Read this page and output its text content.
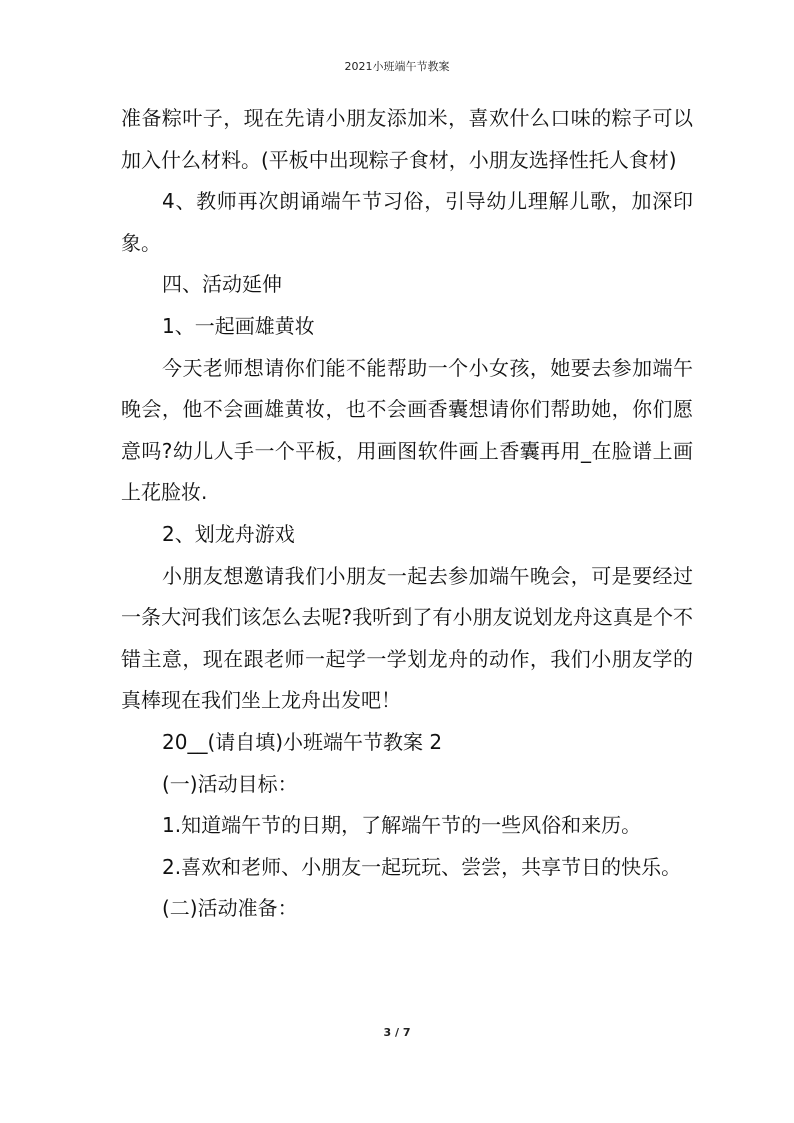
2021小班端午节教案

准备粽叶子，现在先请小朋友添加米，喜欢什么口味的粽子可以加入什么材料。(平板中出现粽子食材，小朋友选择性托人食材)

4、教师再次朗诵端午节习俗，引导幼儿理解儿歌，加深印象。

四、活动延伸

1、一起画雄黄妆

今天老师想请你们能不能帮助一个小女孩，她要去参加端午晚会，他不会画雄黄妆，也不会画香囊想请你们帮助她，你们愿意吗?幼儿人手一个平板，用画图软件画上香囊再用_在脸谱上画上花脸妆.

2、划龙舟游戏

小朋友想邀请我们小朋友一起去参加端午晚会，可是要经过一条大河我们该怎么去呢?我听到了有小朋友说划龙舟这真是个不错主意，现在跟老师一起学一学划龙舟的动作，我们小朋友学的真棒现在我们坐上龙舟出发吧！

20__(请自填)小班端午节教案 2

(一)活动目标：

1.知道端午节的日期，了解端午节的一些风俗和来历。

2.喜欢和老师、小朋友一起玩玩、尝尝，共享节日的快乐。

(二)活动准备：

3 / 7
